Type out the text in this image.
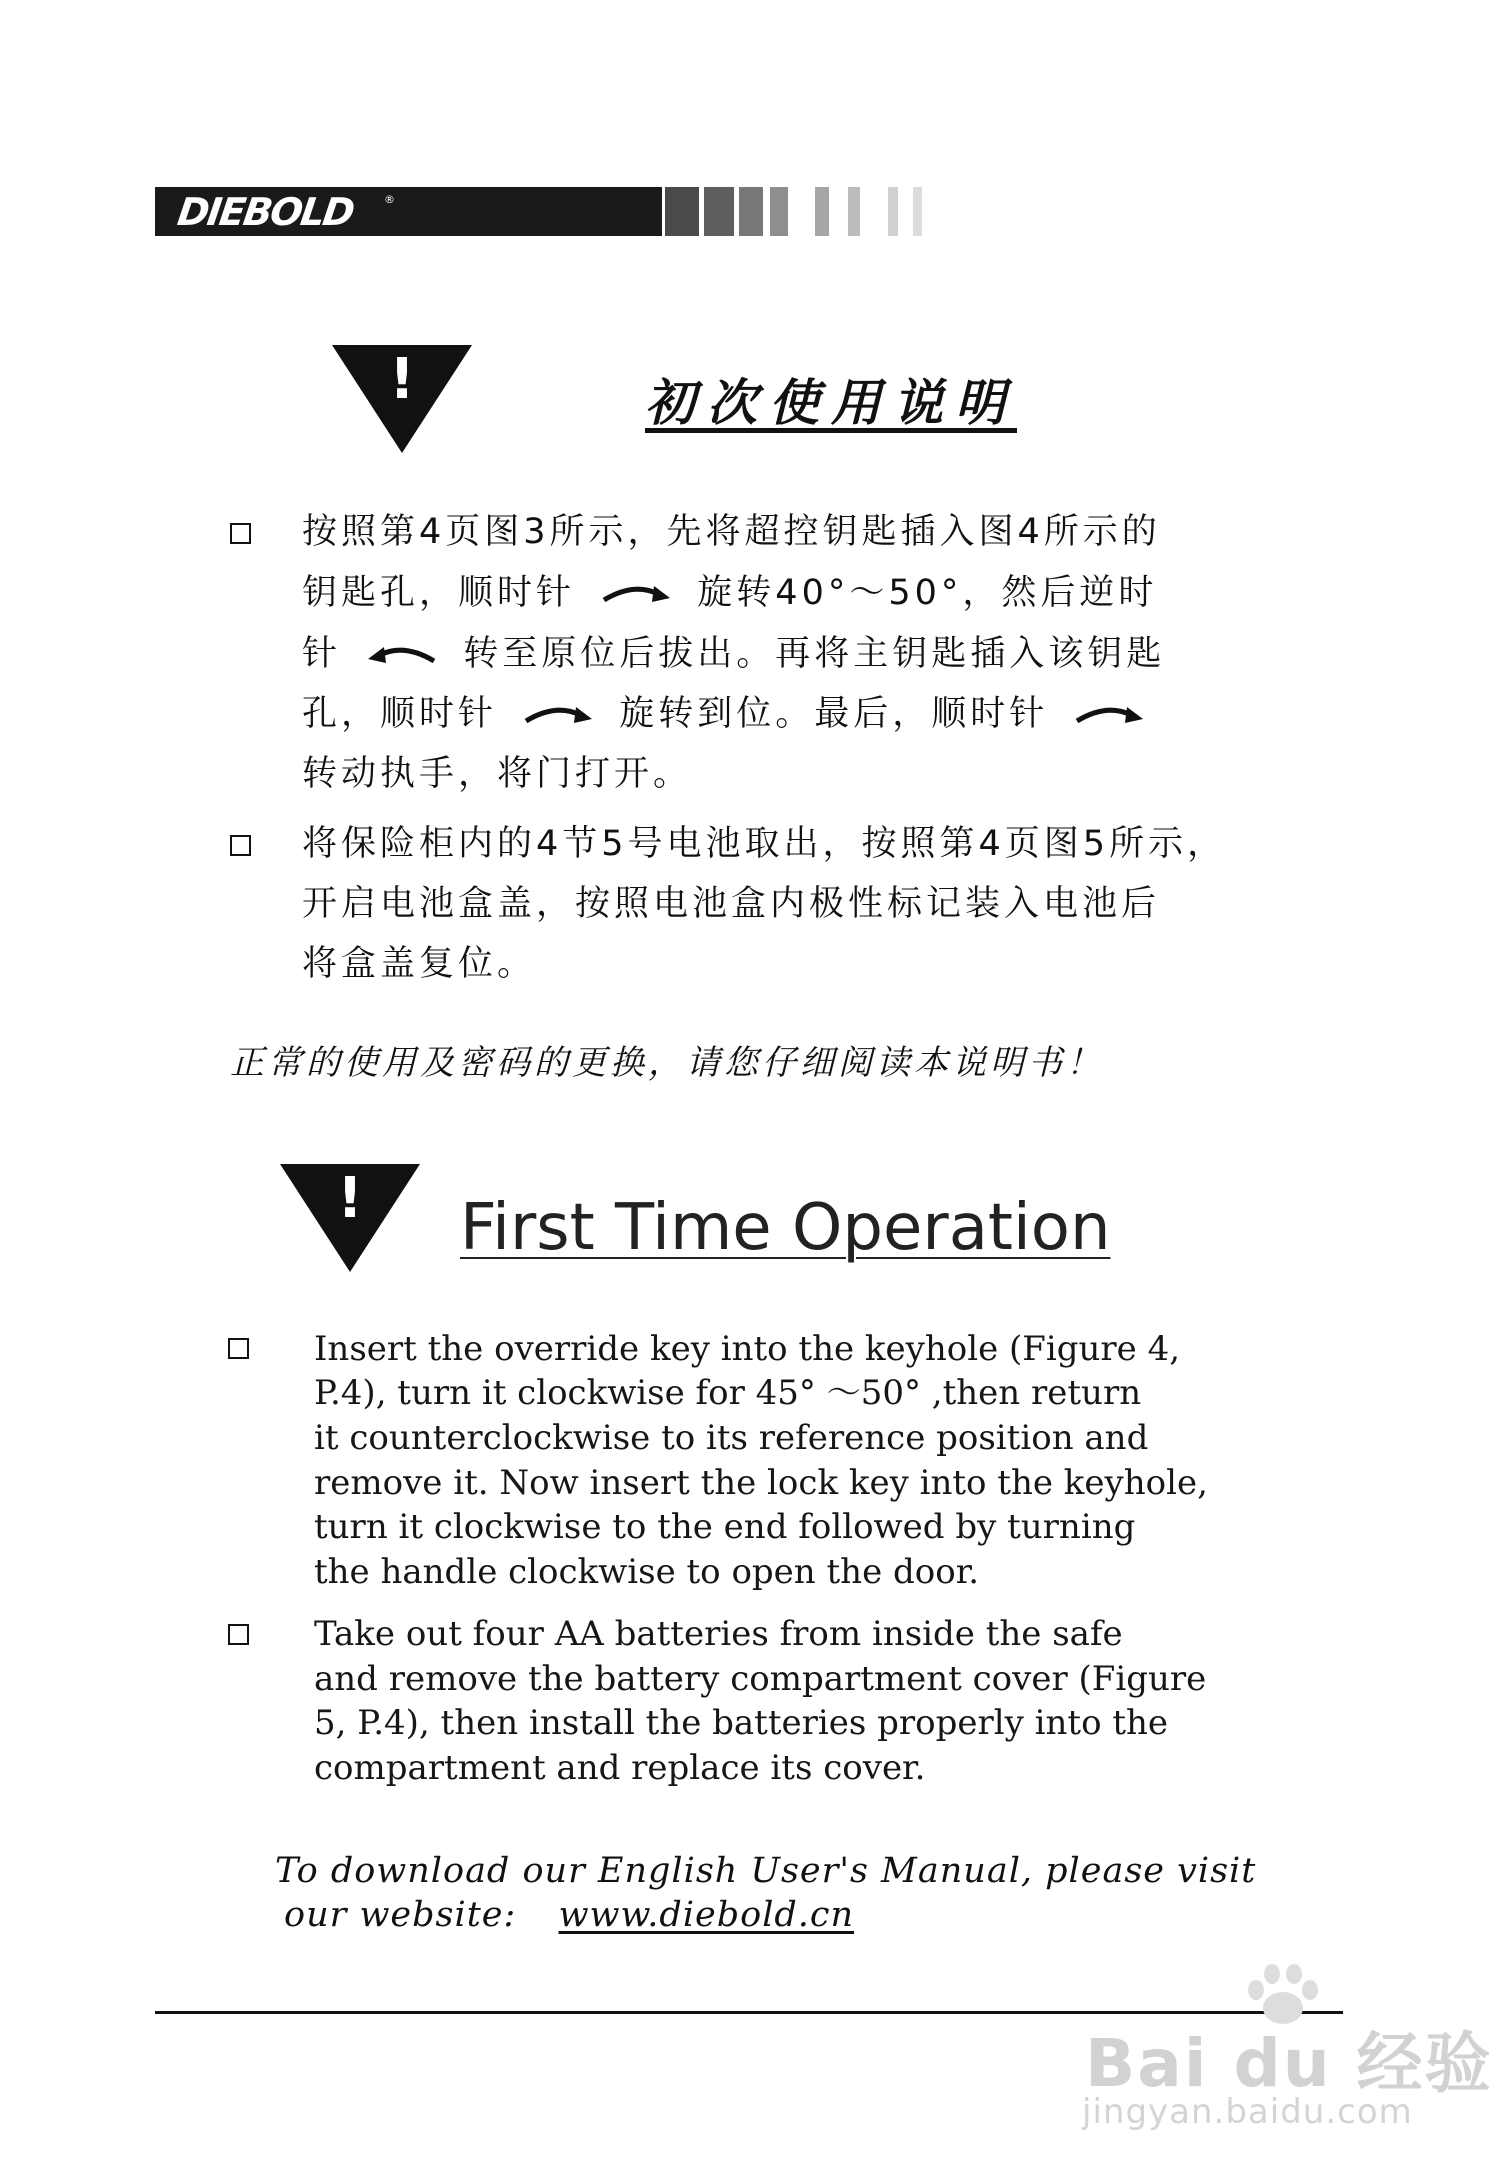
DIEBOLD	®
!	初次使用说明
按照第4页图3所示，先将超控钥匙插入图4所示的
钥匙孔，顺时针	旋转40°～50°，然后逆时
针	转至原位后拔出。再将主钥匙插入该钥匙
孔，顺时针	旋转到位。最后，顺时针
转动执手，将门打开。
将保险柜内的4节5号电池取出，按照第4页图5所示，
开启电池盒盖，按照电池盒内极性标记装入电池后
将盒盖复位。
正常的使用及密码的更换，请您仔细阅读本说明书！
!	First Time Operation
Insert the override key into the keyhole (Figure 4,
P.4), turn it clockwise for 45° ～50° ,then return
it counterclockwise to its reference position and
remove it. Now insert the lock key into the keyhole,
turn it clockwise to the end followed by turning
the handle clockwise to open the door.
Take out four AA batteries from inside the safe
and remove the battery compartment cover (Figure
5, P.4), then install the batteries properly into the
compartment and replace its cover.
To download our English User's Manual, please visit
our website: www.diebold.cn
Bai du 经验
jingyan.baidu.com
